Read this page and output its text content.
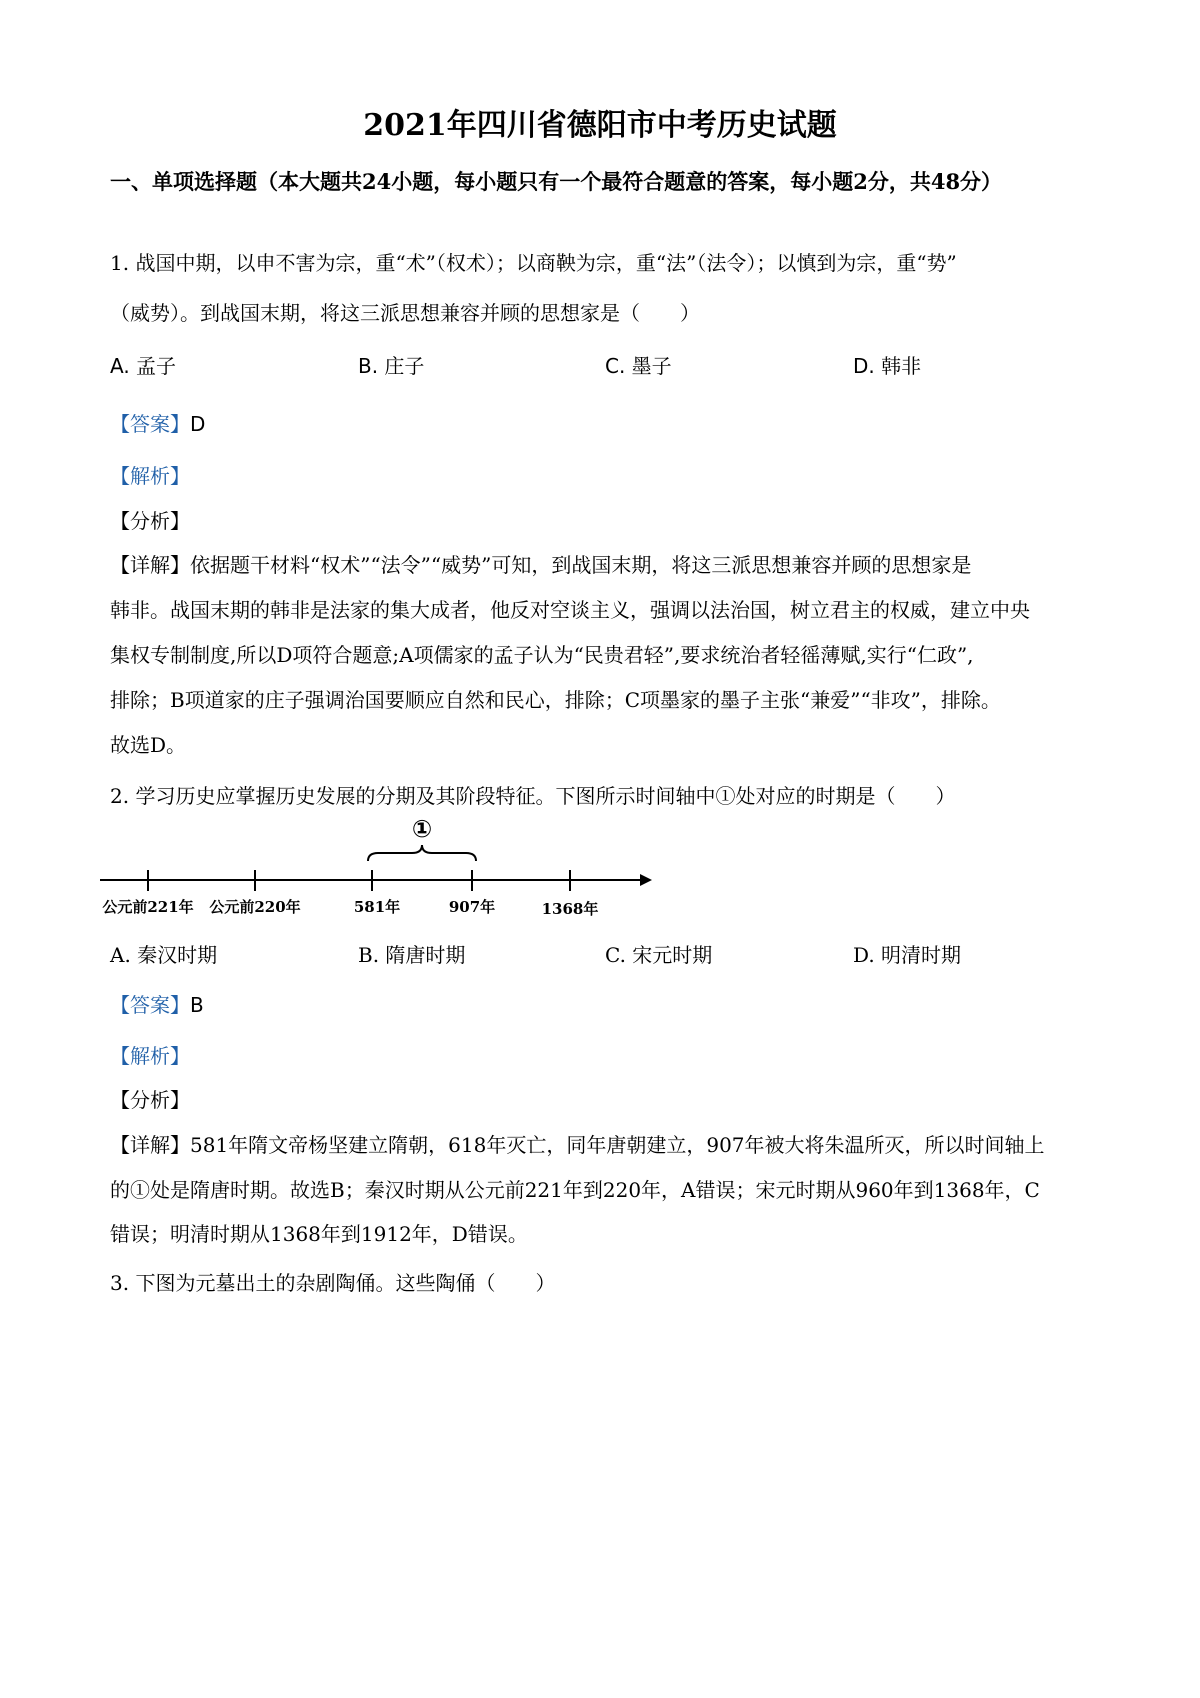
2021年四川省德阳市中考历史试题
一、单项选择题（本大题共24小题，每小题只有一个最符合题意的答案，每小题2分，共48分）
1. 战国中期，以申不害为宗，重“术”（权术）；以商鞅为宗，重“法”（法令）；以慎到为宗，重“势”
（威势）。到战国末期，将这三派思想兼容并顾的思想家是（　　）
A. 孟子	B. 庄子	C. 墨子	D. 韩非
【答案】D
【解析】
【分析】
【详解】依据题干材料“权术”“法令”“威势”可知，到战国末期，将这三派思想兼容并顾的思想家是
韩非。战国末期的韩非是法家的集大成者，他反对空谈主义，强调以法治国，树立君主的权威，建立中央
集权专制制度,所以D项符合题意;A项儒家的孟子认为“民贵君轻”,要求统治者轻徭薄赋,实行“仁政”,
排除；B项道家的庄子强调治国要顺应自然和民心，排除；C项墨家的墨子主张“兼爱”“非攻”，排除。
故选D。
2. 学习历史应掌握历史发展的分期及其阶段特征。下图所示时间轴中①处对应的时期是（　　）
①
公元前221年 公元前220年	581年	907年	1368年
A. 秦汉时期	B. 隋唐时期	C. 宋元时期	D. 明清时期
【答案】B
【解析】
【分析】
【详解】581年隋文帝杨坚建立隋朝，618年灭亡，同年唐朝建立，907年被大将朱温所灭，所以时间轴上
的①处是隋唐时期。故选B；秦汉时期从公元前221年到220年，A错误；宋元时期从960年到1368年，C
错误；明清时期从1368年到1912年，D错误。
3. 下图为元墓出土的杂剧陶俑。这些陶俑（　　）
